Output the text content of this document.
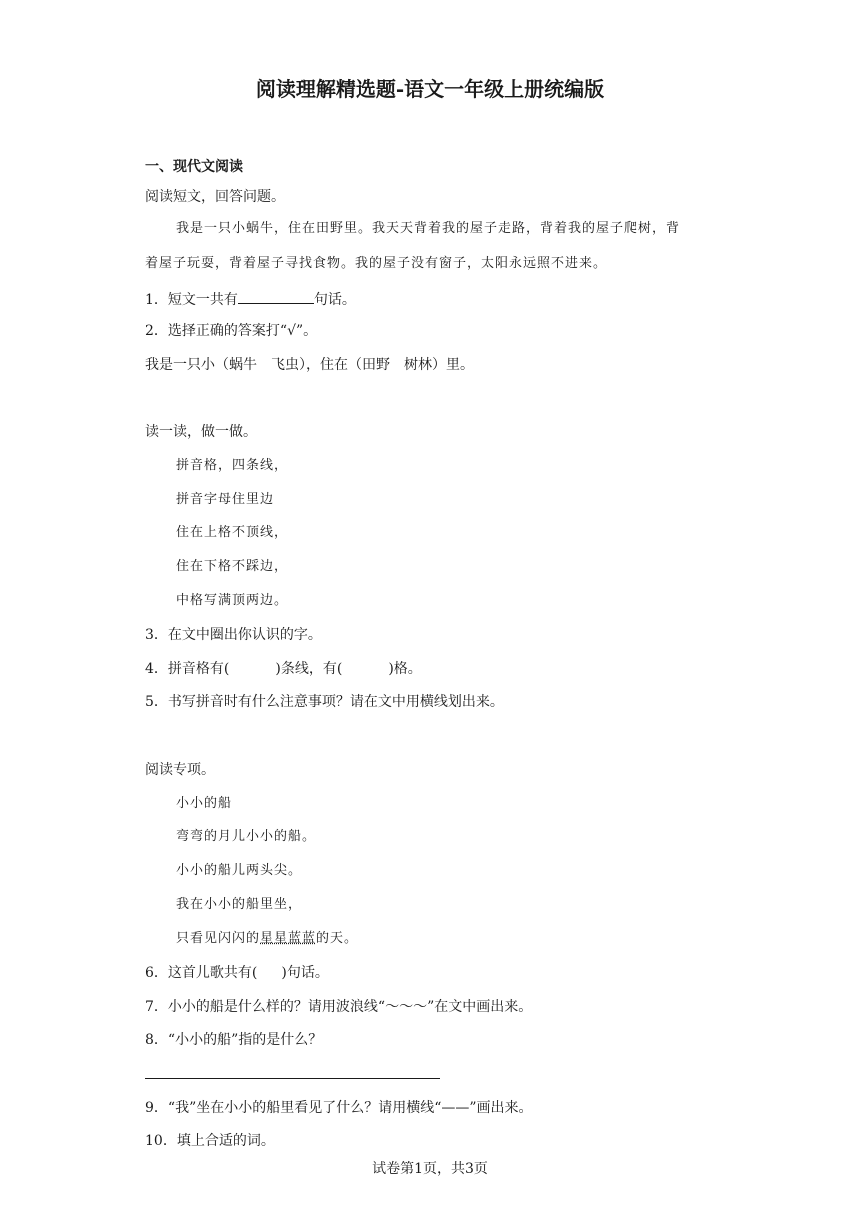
阅读理解精选题-语文一年级上册统编版
一、现代文阅读
阅读短文，回答问题。
我是一只小蜗牛，住在田野里。我天天背着我的屋子走路，背着我的屋子爬树，背
着屋子玩耍，背着屋子寻找食物。我的屋子没有窗子，太阳永远照不进来。
1．短文一共有	句话。
2．选择正确的答案打“√”。
我是一只小（蜗牛　飞虫），住在（田野　树林）里。
读一读，做一做。
拼音格，四条线，
拼音字母住里边
住在上格不顶线，
住在下格不踩边，
中格写满顶两边。
3．在文中圈出你认识的字。
4．拼音格有(	)条线，有(	)格。
5．书写拼音时有什么注意事项？请在文中用横线划出来。
阅读专项。
小小的船
弯弯的月儿小小的船。
小小的船儿两头尖。
我在小小的船里坐，
只看见闪闪的星星蓝蓝的天。
6．这首儿歌共有( )句话。
7．小小的船是什么样的？请用波浪线“～～～”在文中画出来。
8．“小小的船”指的是什么？
9．“我”坐在小小的船里看见了什么？请用横线“——”画出来。
10．填上合适的词。
试卷第1页，共3页
